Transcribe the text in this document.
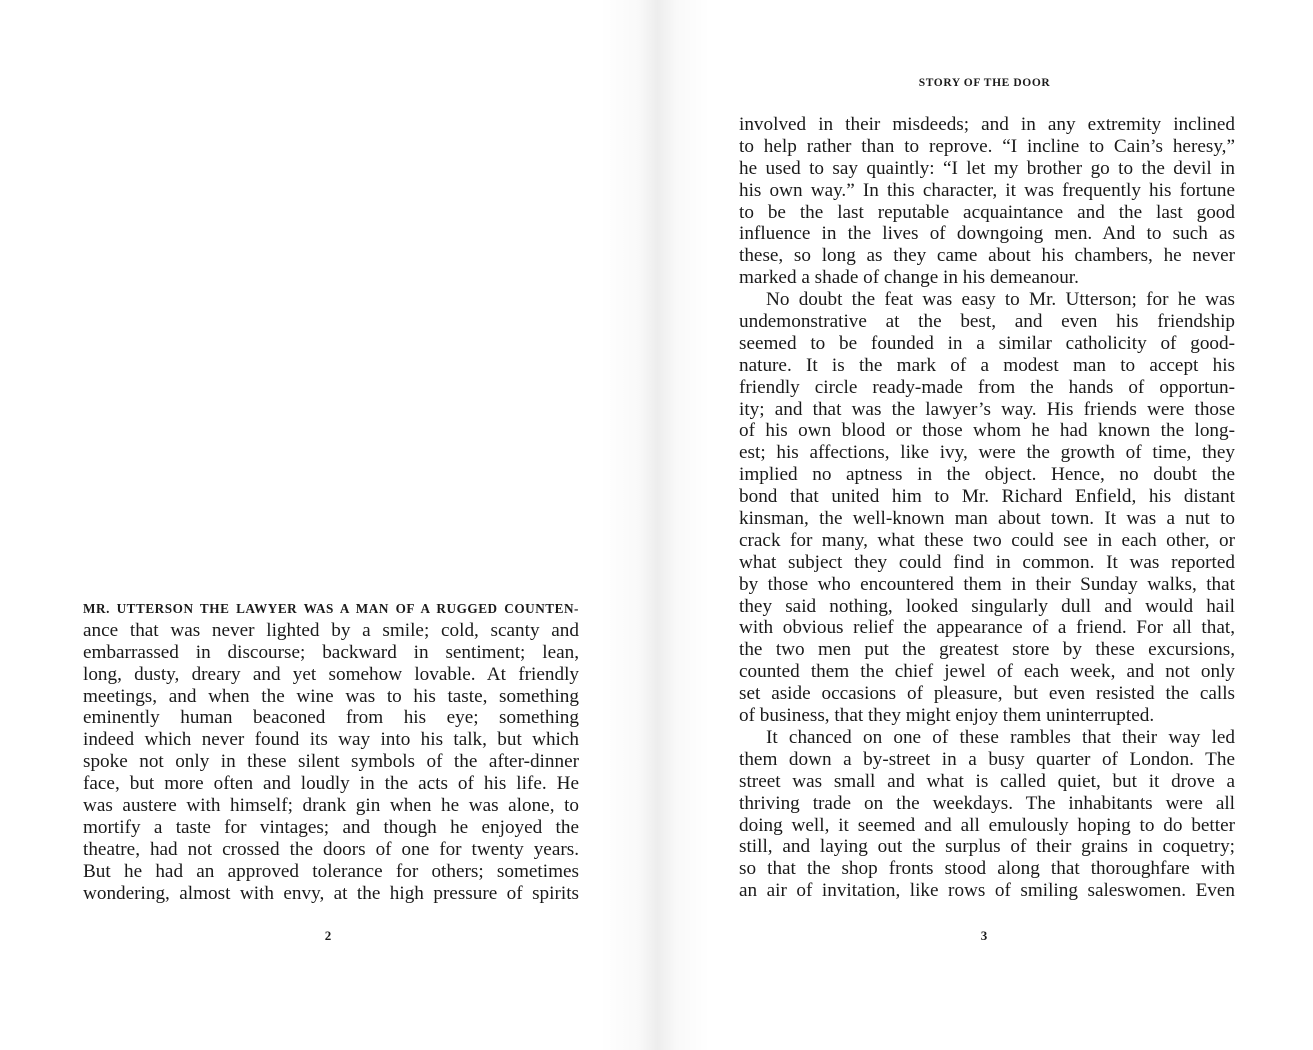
MR. UTTERSON THE LAWYER WAS A MAN OF A RUGGED COUNTEN-
ance that was never lighted by a smile; cold, scanty and
embarrassed in discourse; backward in sentiment; lean,
long, dusty, dreary and yet somehow lovable. At friendly
meetings, and when the wine was to his taste, something
eminently human beaconed from his eye; something
indeed which never found its way into his talk, but which
spoke not only in these silent symbols of the after-dinner
face, but more often and loudly in the acts of his life. He
was austere with himself; drank gin when he was alone, to
mortify a taste for vintages; and though he enjoyed the
theatre, had not crossed the doors of one for twenty years.
But he had an approved tolerance for others; sometimes
wondering, almost with envy, at the high pressure of spirits
2
STORY OF THE DOOR
involved in their misdeeds; and in any extremity inclined
to help rather than to reprove. “I incline to Cain’s heresy,”
he used to say quaintly: “I let my brother go to the devil in
his own way.” In this character, it was frequently his fortune
to be the last reputable acquaintance and the last good
influence in the lives of downgoing men. And to such as
these, so long as they came about his chambers, he never
marked a shade of change in his demeanour.
No doubt the feat was easy to Mr. Utterson; for he was
undemonstrative at the best, and even his friendship
seemed to be founded in a similar catholicity of good-
nature. It is the mark of a modest man to accept his
friendly circle ready-made from the hands of opportun-
ity; and that was the lawyer’s way. His friends were those
of his own blood or those whom he had known the long-
est; his affections, like ivy, were the growth of time, they
implied no aptness in the object. Hence, no doubt the
bond that united him to Mr. Richard Enfield, his distant
kinsman, the well-known man about town. It was a nut to
crack for many, what these two could see in each other, or
what subject they could find in common. It was reported
by those who encountered them in their Sunday walks, that
they said nothing, looked singularly dull and would hail
with obvious relief the appearance of a friend. For all that,
the two men put the greatest store by these excursions,
counted them the chief jewel of each week, and not only
set aside occasions of pleasure, but even resisted the calls
of business, that they might enjoy them uninterrupted.
It chanced on one of these rambles that their way led
them down a by-street in a busy quarter of London. The
street was small and what is called quiet, but it drove a
thriving trade on the weekdays. The inhabitants were all
doing well, it seemed and all emulously hoping to do better
still, and laying out the surplus of their grains in coquetry;
so that the shop fronts stood along that thoroughfare with
an air of invitation, like rows of smiling saleswomen. Even
3
